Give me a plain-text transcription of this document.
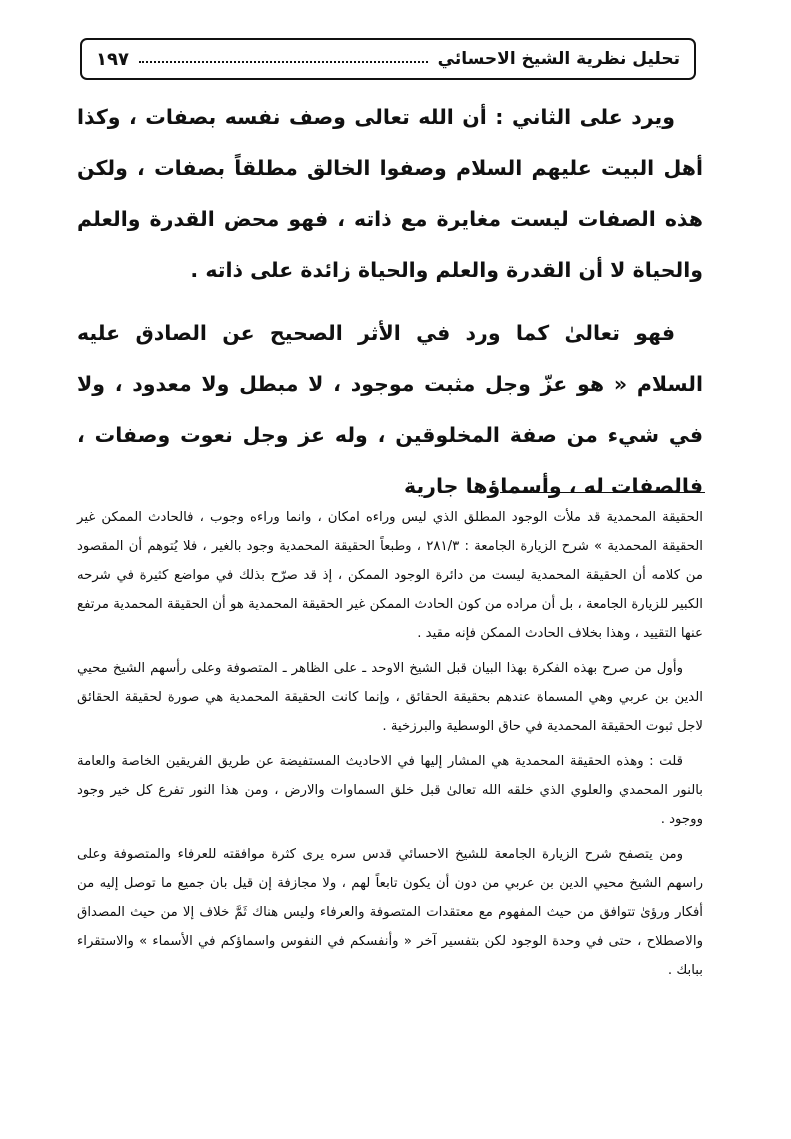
تحليل نظرية الشيخ الاحسائي
١٩٧

ويرد على الثاني : أن الله تعالى وصف نفسه بصفات ، وكذا أهل البيت عليهم السلام وصفوا الخالق مطلقاً بصفات ، ولكن هذه الصفات ليست مغايرة مع ذاته ، فهو محض القدرة والعلم والحياة لا أن القدرة والعلم والحياة زائدة على ذاته .

فهو تعالىٰ كما ورد في الأثر الصحيح عن الصادق عليه السلام « هو عزّ وجل مثبت موجود ، لا مبطل ولا معدود ، ولا في شيء من صفة المخلوقين ، وله عز وجل نعوت وصفات ، فالصفات له ، وأسماؤها جارية

الحقيقة المحمدية قد ملأت الوجود المطلق الذي ليس وراءه امكان ، وانما وراءه وجوب ، فالحادث الممكن غير الحقيقة المحمدية » شرح الزيارة الجامعة : ٢٨١/٣ ، وطبعاً الحقيقة المحمدية وجود بالغير ، فلا يُتوهم أن المقصود من كلامه أن الحقيقة المحمدية ليست من دائرة الوجود الممكن ، إذ قد صرّح بذلك في مواضع كثيرة في شرحه الكبير للزيارة الجامعة ، بل أن مراده من كون الحادث الممكن غير الحقيقة المحمدية هو أن الحقيقة المحمدية مرتفع عنها التقييد ، وهذا بخلاف الحادث الممكن فإنه مقيد .

وأول من صرح بهذه الفكرة بهذا البيان قبل الشيخ الاوحد ـ على الظاهر ـ المتصوفة وعلى رأسهم الشيخ محيي الدين بن عربي وهي المسماة عندهم بحقيقة الحقائق ، وإنما كانت الحقيقة المحمدية هي صورة لحقيقة الحقائق لاجل ثبوت الحقيقة المحمدية في حاق الوسطية والبرزخية .

قلت : وهذه الحقيقة المحمدية هي المشار إليها في الاحاديث المستفيضة عن طريق الفريقين الخاصة والعامة بالنور المحمدي والعلوي الذي خلقه الله تعالىٰ قبل خلق السماوات والارض ، ومن هذا النور تفرع كل خير وجود ووجود .

ومن يتصفح شرح الزيارة الجامعة للشيخ الاحسائي قدس سره يرى كثرة موافقته للعرفاء والمتصوفة وعلى راسهم الشيخ محيي الدين بن عربي من دون أن يكون تابعاً لهم ، ولا مجازفة إن قيل بان جميع ما توصل إليه من أفكار ورؤىٰ تتوافق من حيث المفهوم مع معتقدات المتصوفة والعرفاء وليس هناك ثَمَّ خلاف إلا من حيث المصداق والاصطلاح ، حتى في وحدة الوجود لكن بتفسير آخر « وأنفسكم في النفوس واسماؤكم في الأسماء » والاستقراء ببابك .
